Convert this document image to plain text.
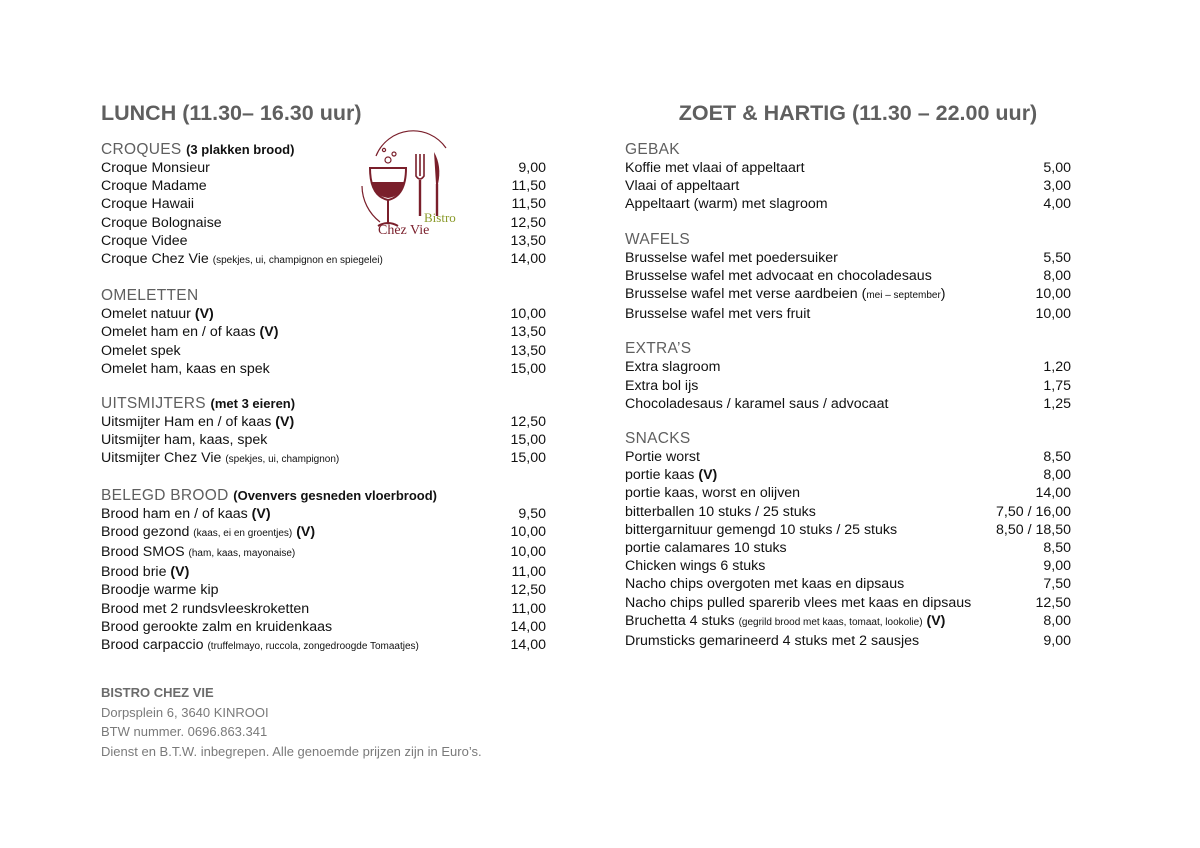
LUNCH (11.30– 16.30 uur)
CROQUES (3 plakken brood)
Croque Monsieur	9,00
Croque Madame	11,50
Croque Hawaii	11,50
Croque Bolognaise	12,50
Croque Videe	13,50
Croque Chez Vie (spekjes, ui, champignon en spiegelei)	14,00
OMELETTEN
Omelet natuur (V)	10,00
Omelet ham en / of kaas (V)	13,50
Omelet spek	13,50
Omelet ham, kaas en spek	15,00
UITSMIJTERS (met 3 eieren)
Uitsmijter Ham en / of kaas (V)	12,50
Uitsmijter ham, kaas, spek	15,00
Uitsmijter Chez Vie (spekjes, ui, champignon)	15,00
BELEGD BROOD (Ovenvers gesneden vloerbrood)
Brood ham en / of kaas (V)	9,50
Brood gezond (kaas, ei en groentjes) (V)	10,00
Brood SMOS (ham, kaas, mayonaise)	10,00
Brood brie (V)	11,00
Broodje warme kip	12,50
Brood met 2 rundsvleeskroketten	11,00
Brood gerookte zalm en kruidenkaas	14,00
Brood carpaccio (truffelmayo, ruccola, zongedroogde Tomaatjes)	14,00
ZOET & HARTIG (11.30 – 22.00 uur)
GEBAK
Koffie met vlaai of appeltaart	5,00
Vlaai of appeltaart	3,00
Appeltaart (warm) met slagroom	4,00
WAFELS
Brusselse wafel met poedersuiker	5,50
Brusselse wafel met advocaat en chocoladesaus	8,00
Brusselse wafel met verse aardbeien (mei – september)	10,00
Brusselse wafel met vers fruit	10,00
EXTRA’S
Extra slagroom	1,20
Extra bol ijs	1,75
Chocoladesaus / karamel saus / advocaat	1,25
SNACKS
Portie worst	8,50
portie kaas (V)	8,00
portie kaas, worst en olijven	14,00
bitterballen 10 stuks / 25 stuks	7,50 / 16,00
bittergarnituur gemengd 10 stuks / 25 stuks	8,50 / 18,50
portie calamares 10 stuks	8,50
Chicken wings 6 stuks	9,00
Nacho chips overgoten met kaas en dipsaus	7,50
Nacho chips pulled sparerib vlees met kaas en dipsaus	12,50
Bruchetta 4 stuks (gegrild brood met kaas, tomaat, lookolie) (V)	8,00
Drumsticks gemarineerd 4 stuks met 2 sausjes	9,00
Bistro
Chez Vie
BISTRO CHEZ VIE
Dorpsplein 6, 3640 KINROOI
BTW nummer. 0696.863.341
Dienst en B.T.W. inbegrepen. Alle genoemde prijzen zijn in Euro’s.
